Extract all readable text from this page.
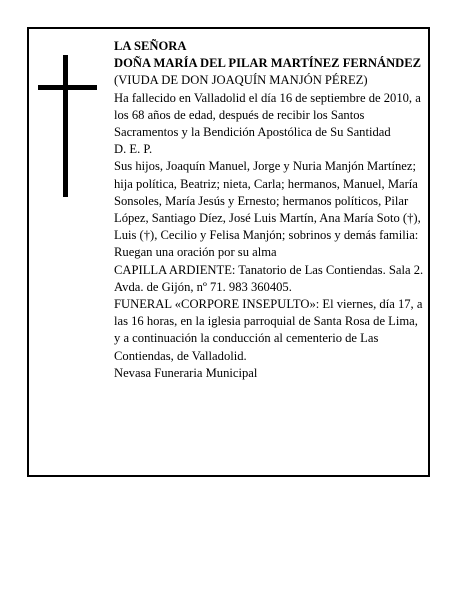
LA SEÑORA

DOÑA MARÍA DEL PILAR MARTÍNEZ FERNÁNDEZ

(VIUDA DE DON JOAQUÍN MANJÓN PÉREZ)

Ha fallecido en Valladolid el día 16 de septiembre de 2010, a los 68 años de edad, después de recibir los Santos Sacramentos y la Bendición Apostólica de Su Santidad

D. E. P.

Sus hijos, Joaquín Manuel, Jorge y Nuria Manjón Martínez; hija política, Beatriz; nieta, Carla; hermanos, Manuel, María Sonsoles, María Jesús y Ernesto; hermanos políticos, Pilar López, Santiago Díez, José Luis Martín, Ana María Soto (†), Luis (†), Cecilio y Felisa Manjón; sobrinos y demás familia:

Ruegan una oración por su alma

CAPILLA ARDIENTE: Tanatorio de Las Contiendas. Sala 2. Avda. de Gijón, nº 71. 983 360405.

FUNERAL «CORPORE INSEPULTO»: El viernes, día 17, a las 16 horas, en la iglesia parroquial de Santa Rosa de Lima, y a continuación la conducción al cementerio de Las Contiendas, de Valladolid.

Nevasa Funeraria Municipal
